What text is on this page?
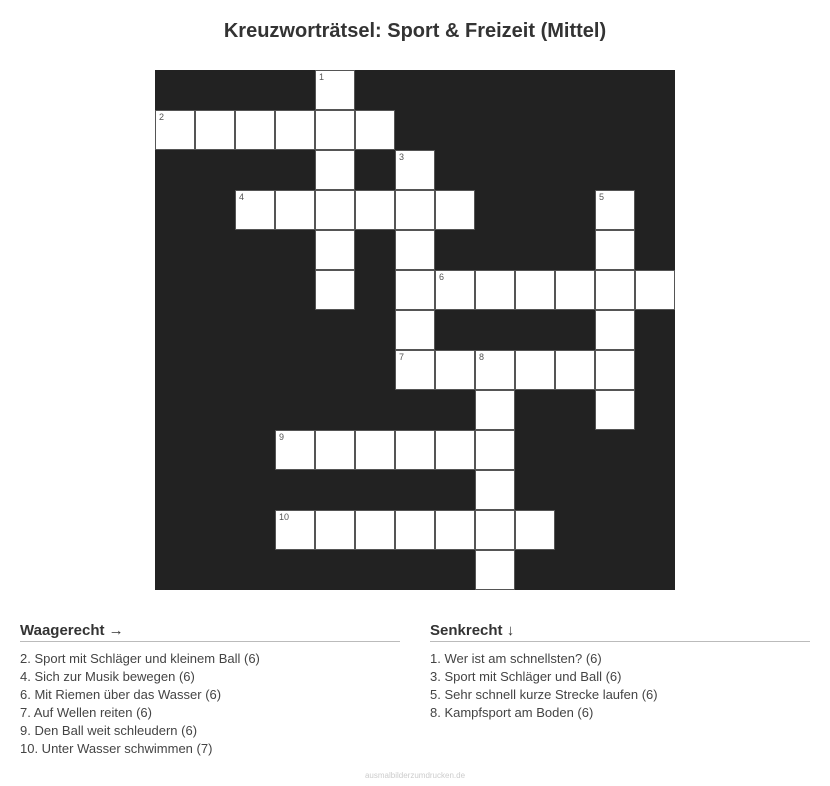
Kreuzworträtsel: Sport & Freizeit (Mittel)
1
2
3
4	5
6
7	8
9
10
Waagerecht →
2. Sport mit Schläger und kleinem Ball (6)
4. Sich zur Musik bewegen (6)
6. Mit Riemen über das Wasser (6)
7. Auf Wellen reiten (6)
9. Den Ball weit schleudern (6)
10. Unter Wasser schwimmen (7)
Senkrecht ↓
1. Wer ist am schnellsten? (6)
3. Sport mit Schläger und Ball (6)
5. Sehr schnell kurze Strecke laufen (6)
8. Kampfsport am Boden (6)
ausmalbilderzumdrucken.de
